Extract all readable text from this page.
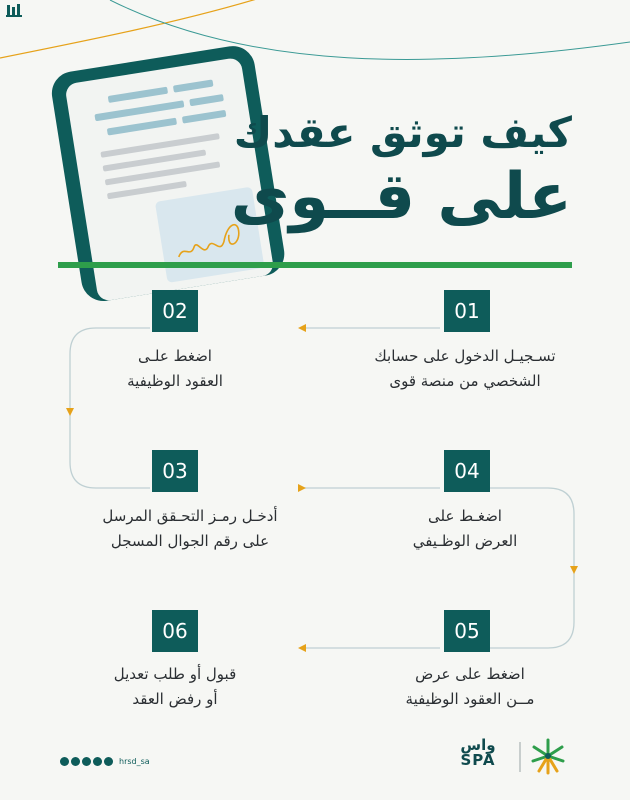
كيف توثق عقدك
على قــوى
01
تسـجيـل الدخول على حسابك
الشخصي من منصة قوى
02
اضغط علـى
العقود الوظيفية
03
أدخـل رمـز التحـقق المرسل
على رقم الجوال المسجل
04
اضغـط على
العرض الوظـيفي
05
اضغط على عرض
مــن العقود الوظيفية
06
قبول أو طلب تعديل
أو رفض العقد
hrsd_sa
واس
SPA
